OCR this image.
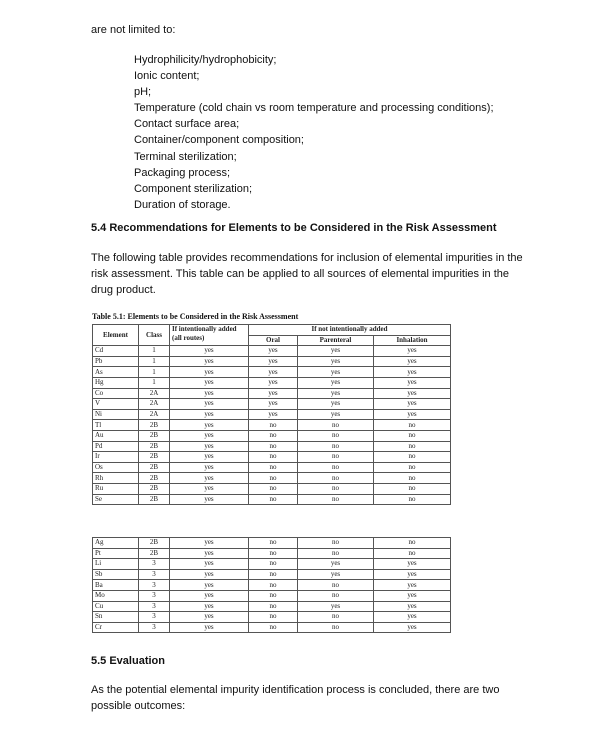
are not limited to:
Hydrophilicity/hydrophobicity;
Ionic content;
pH;
Temperature (cold chain vs room temperature and processing conditions);
Contact surface area;
Container/component composition;
Terminal sterilization;
Packaging process;
Component sterilization;
Duration of storage.
5.4 Recommendations for Elements to be Considered in the Risk Assessment
The following table provides recommendations for inclusion of elemental impurities in the risk assessment. This table can be applied to all sources of elemental impurities in the drug product.
Table 5.1: Elements to be Considered in the Risk Assessment
Element	Class	If intentionally added (all routes)	If not intentionally added		
			Oral	Parenteral	Inhalation
Cd	1	yes	yes	yes	yes
Pb	1	yes	yes	yes	yes
As	1	yes	yes	yes	yes
Hg	1	yes	yes	yes	yes
Co	2A	yes	yes	yes	yes
V	2A	yes	yes	yes	yes
Ni	2A	yes	yes	yes	yes
Tl	2B	yes	no	no	no
Au	2B	yes	no	no	no
Pd	2B	yes	no	no	no
Ir	2B	yes	no	no	no
Os	2B	yes	no	no	no
Rh	2B	yes	no	no	no
Ru	2B	yes	no	no	no
Se	2B	yes	no	no	no
Ag	2B	yes	no	no	no
Pt	2B	yes	no	no	no
Li	3	yes	no	yes	yes
Sb	3	yes	no	yes	yes
Ba	3	yes	no	no	yes
Mo	3	yes	no	no	yes
Cu	3	yes	no	yes	yes
Sn	3	yes	no	no	yes
Cr	3	yes	no	no	yes
5.5 Evaluation
As the potential elemental impurity identification process is concluded, there are two possible outcomes:
